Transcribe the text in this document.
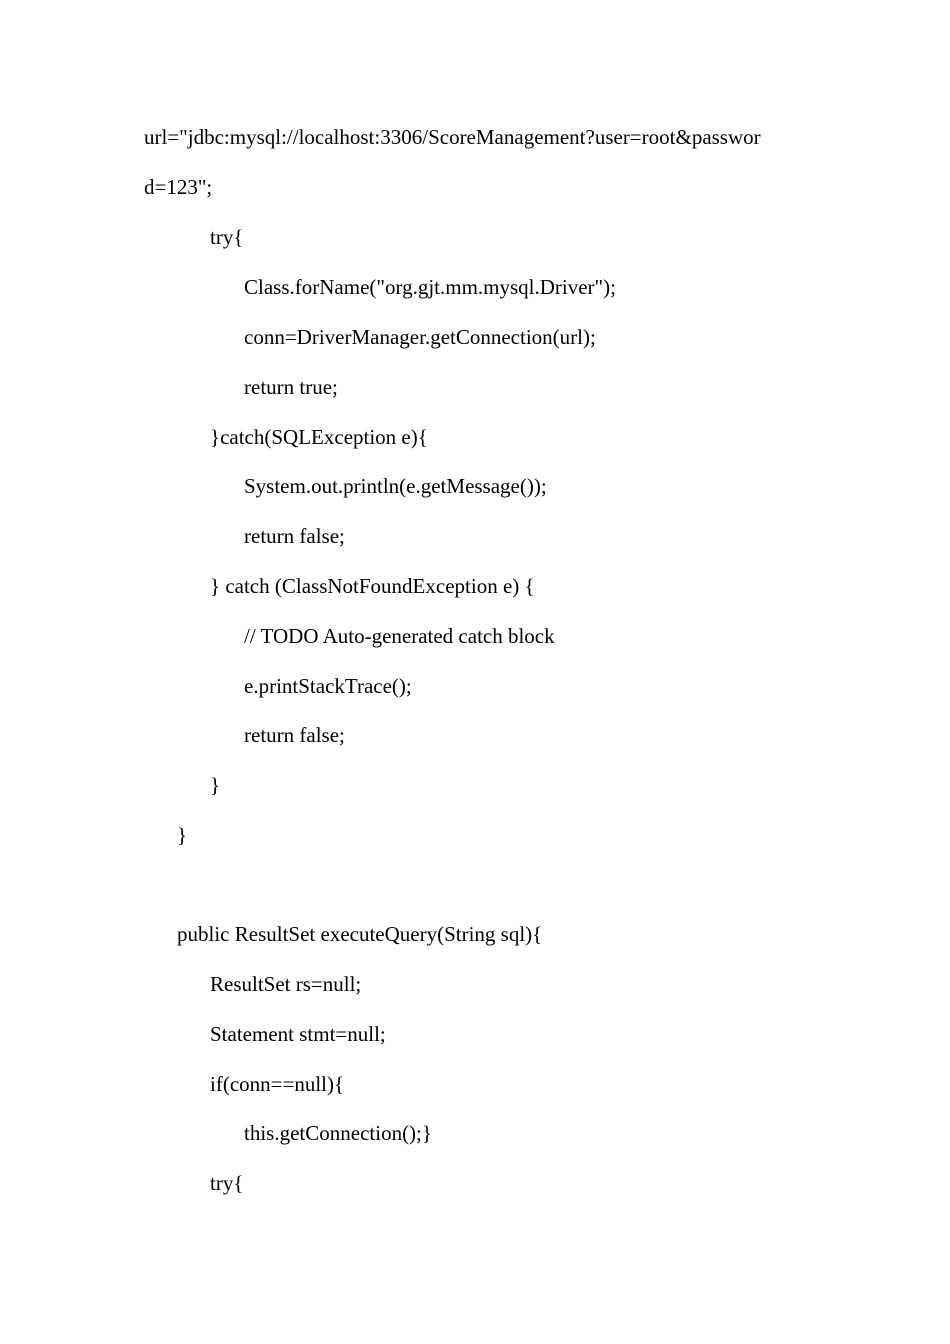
url="jdbc:mysql://localhost:3306/ScoreManagement?user=root&passwor

d=123";

try{

Class.forName("org.gjt.mm.mysql.Driver");

conn=DriverManager.getConnection(url);

return true;

}catch(SQLException e){

System.out.println(e.getMessage());

return false;

} catch (ClassNotFoundException e) {

// TODO Auto-generated catch block

e.printStackTrace();

return false;

}

}

public ResultSet executeQuery(String sql){

ResultSet rs=null;

Statement stmt=null;

if(conn==null){

this.getConnection();}

try{
